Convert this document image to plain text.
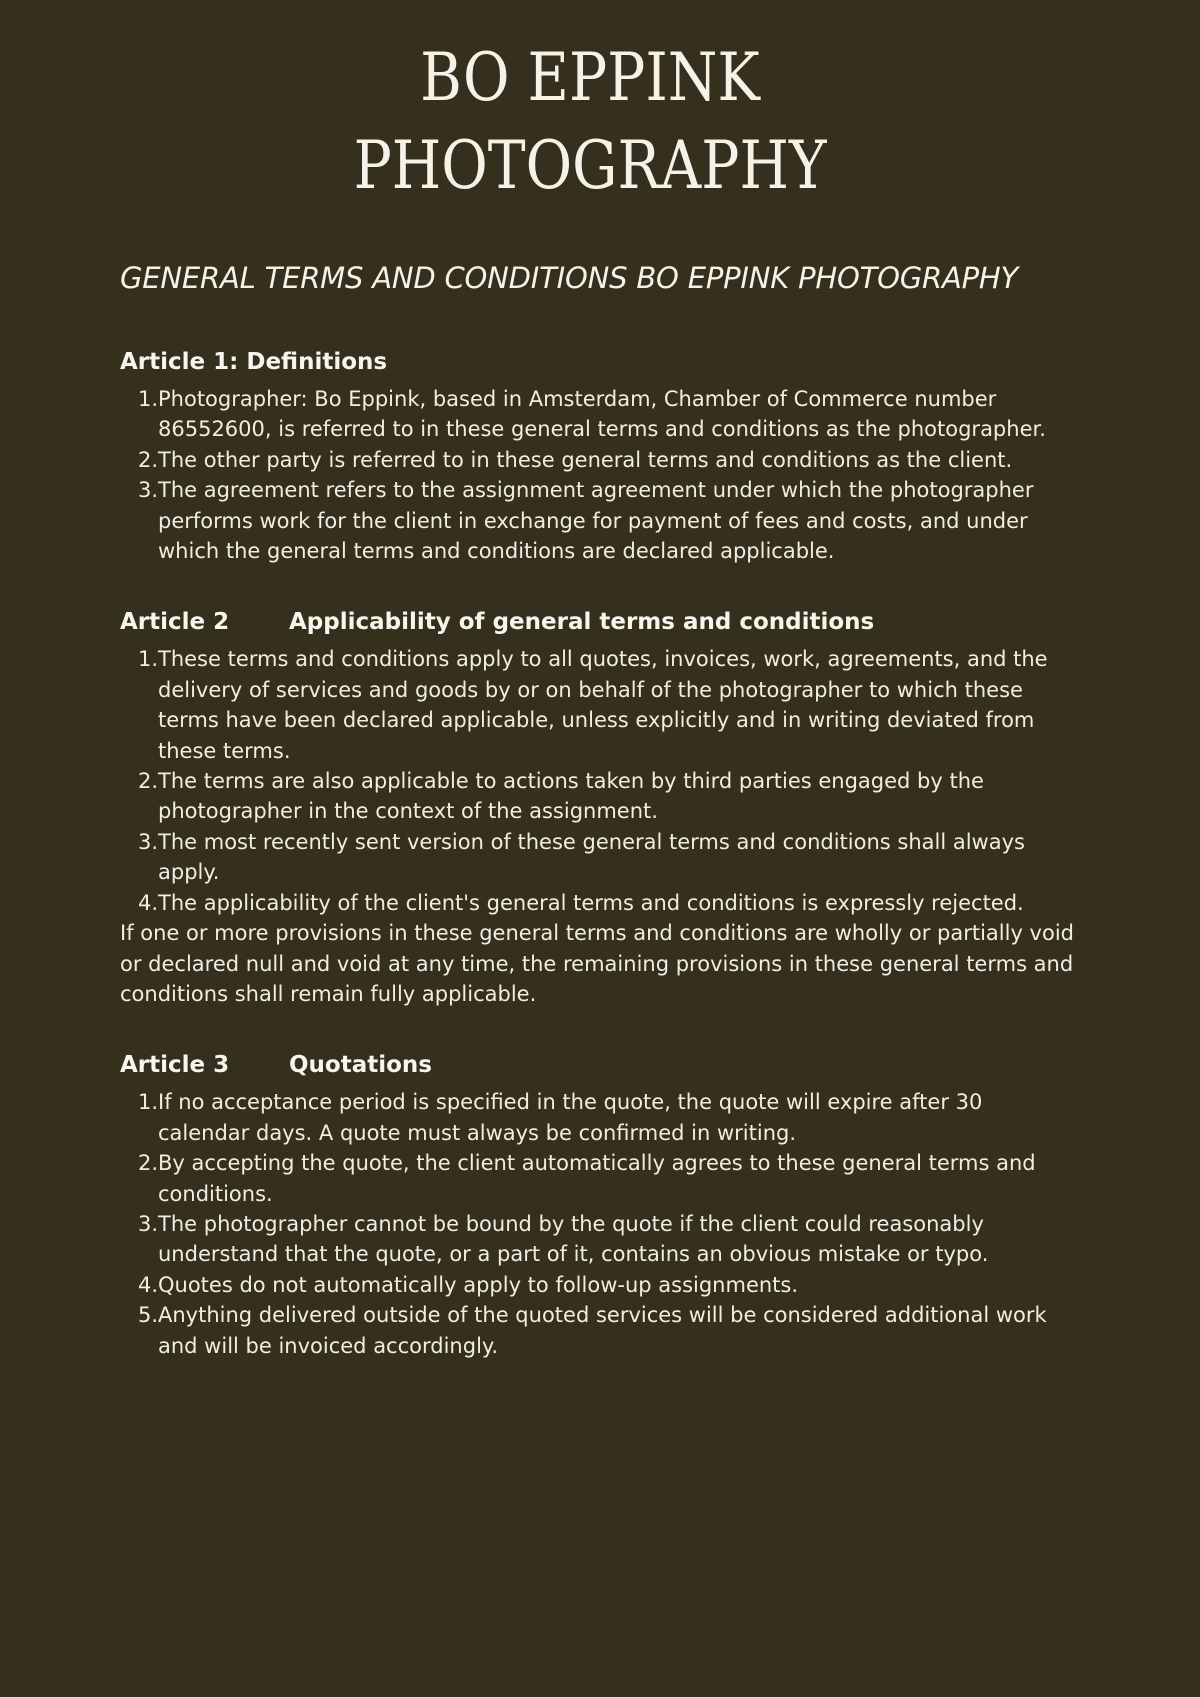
BO EPPINK
PHOTOGRAPHY
GENERAL TERMS AND CONDITIONS BO EPPINK PHOTOGRAPHY
Article 1: Definitions
1. Photographer: Bo Eppink, based in Amsterdam, Chamber of Commerce number 86552600, is referred to in these general terms and conditions as the photographer.
2. The other party is referred to in these general terms and conditions as the client.
3. The agreement refers to the assignment agreement under which the photographer performs work for the client in exchange for payment of fees and costs, and under which the general terms and conditions are declared applicable.
Article 2	Applicability of general terms and conditions
1. These terms and conditions apply to all quotes, invoices, work, agreements, and the delivery of services and goods by or on behalf of the photographer to which these terms have been declared applicable, unless explicitly and in writing deviated from these terms.
2. The terms are also applicable to actions taken by third parties engaged by the photographer in the context of the assignment.
3. The most recently sent version of these general terms and conditions shall always apply.
4. The applicability of the client's general terms and conditions is expressly rejected.

If one or more provisions in these general terms and conditions are wholly or partially void or declared null and void at any time, the remaining provisions in these general terms and conditions shall remain fully applicable.

Article 3	Quotations
1. If no acceptance period is specified in the quote, the quote will expire after 30 calendar days. A quote must always be confirmed in writing.
2. By accepting the quote, the client automatically agrees to these general terms and conditions.
3. The photographer cannot be bound by the quote if the client could reasonably understand that the quote, or a part of it, contains an obvious mistake or typo.
4. Quotes do not automatically apply to follow-up assignments.
5. Anything delivered outside of the quoted services will be considered additional work and will be invoiced accordingly.
